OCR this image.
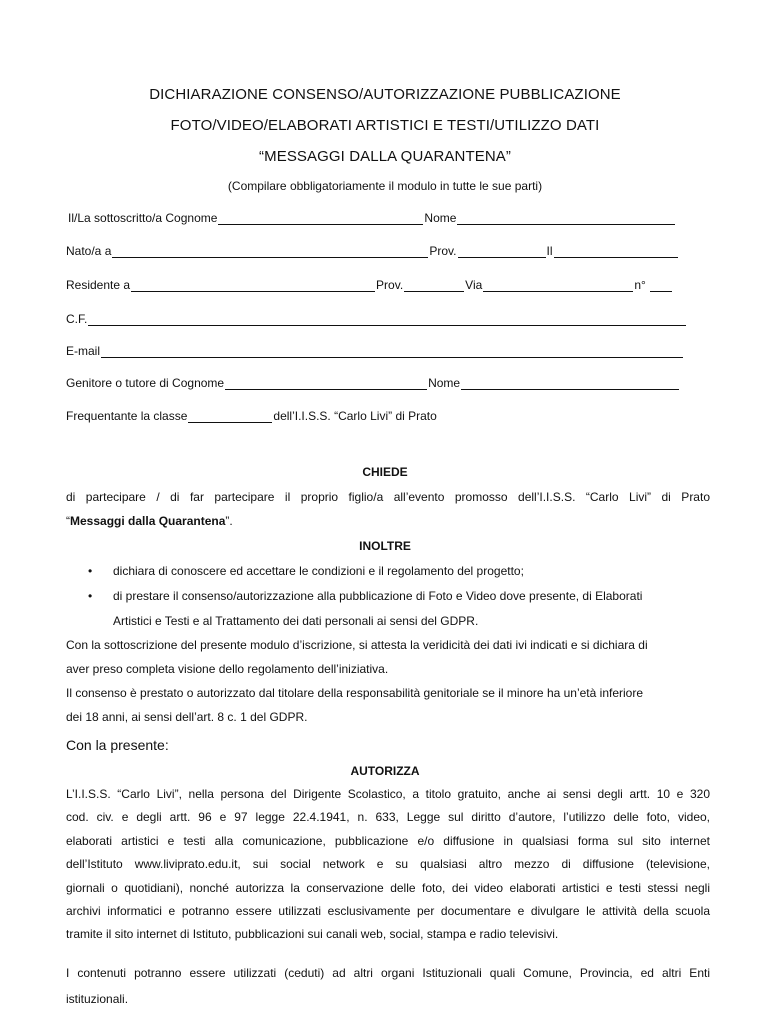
DICHIARAZIONE CONSENSO/AUTORIZZAZIONE PUBBLICAZIONE
FOTO/VIDEO/ELABORATI ARTISTICI E TESTI/UTILIZZO DATI
“MESSAGGI DALLA QUARANTENA”
(Compilare obbligatoriamente il modulo in tutte le sue parti)
Il/La sottoscritto/a Cognome	Nome
Nato/a a	Prov.	Il
Residente a	Prov.	Via	n°
C.F.
E-mail
Genitore o tutore di Cognome	Nome
Frequentante la classe	dell’I.I.S.S. “Carlo Livi” di Prato
CHIEDE
di partecipare / di far partecipare il proprio figlio/a all’evento promosso dell’I.I.S.S. “Carlo Livi” di Prato
“Messaggi dalla Quarantena”.
INOLTRE
•	dichiara di conoscere ed accettare le condizioni e il regolamento del progetto;
•	di prestare il consenso/autorizzazione alla pubblicazione di Foto e Video dove presente, di Elaborati
Artistici e Testi e al Trattamento dei dati personali ai sensi del GDPR.
Con la sottoscrizione del presente modulo d’iscrizione, si attesta la veridicità dei dati ivi indicati e si dichiara di
aver preso completa visione dello regolamento dell’iniziativa.
Il consenso è prestato o autorizzato dal titolare della responsabilità genitoriale se il minore ha un’età inferiore
dei 18 anni, ai sensi dell’art. 8 c. 1 del GDPR.
Con la presente:
AUTORIZZA
L’I.I.S.S. “Carlo Livi”, nella persona del Dirigente Scolastico, a titolo gratuito, anche ai sensi degli artt. 10 e 320
cod. civ. e degli artt. 96 e 97 legge 22.4.1941, n. 633, Legge sul diritto d’autore, l’utilizzo delle foto, video,
elaborati artistici e testi alla comunicazione, pubblicazione e/o diffusione in qualsiasi forma sul sito internet
dell’Istituto www.liviprato.edu.it, sui social network e su qualsiasi altro mezzo di diffusione (televisione,
giornali o quotidiani), nonché autorizza la conservazione delle foto, dei video elaborati artistici e testi stessi negli
archivi informatici e potranno essere utilizzati esclusivamente per documentare e divulgare le attività della scuola
tramite il sito internet di Istituto, pubblicazioni sui canali web, social, stampa e radio televisivi.
I contenuti potranno essere utilizzati (ceduti) ad altri organi Istituzionali quali Comune, Provincia, ed altri Enti
istituzionali.
